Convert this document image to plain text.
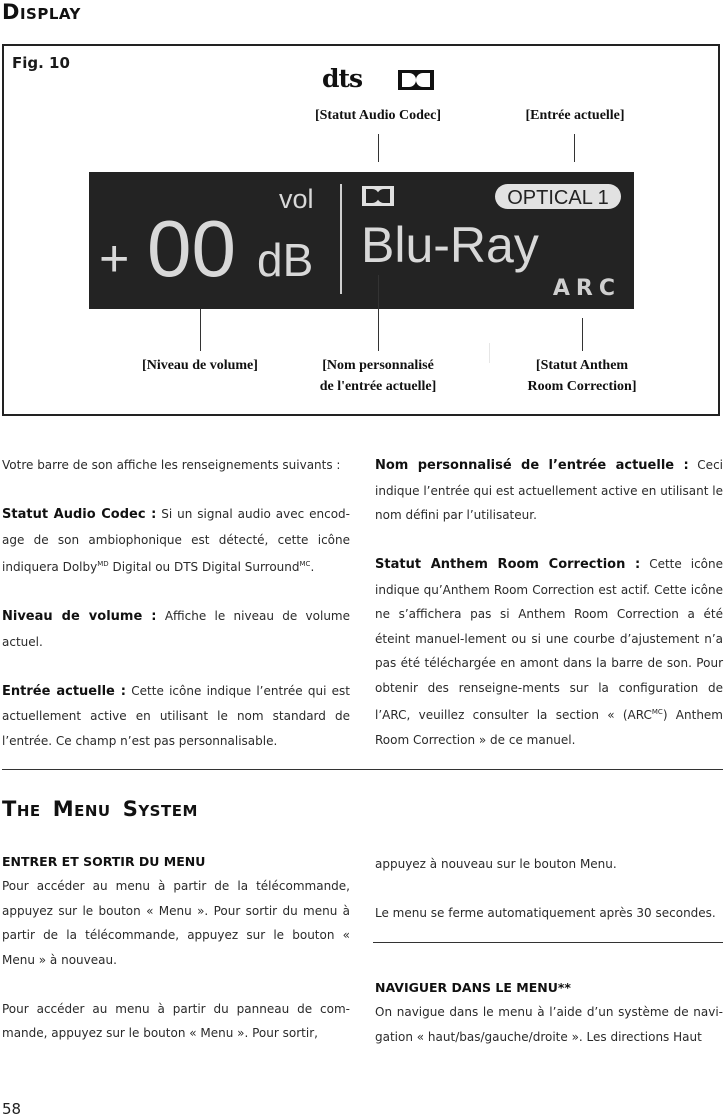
DISPLAY
Fig. 10
dts
[Statut Audio Codec]	[Entrée actuelle]
vol
+ 00 dB
OPTICAL 1
Blu-Ray
ARC
[Niveau de volume]	[Nom personnalisé
de l'entrée actuelle]
[Statut Anthem
Room Correction]

Votre barre de son affiche les renseignements suivants :

Statut Audio Codec : Si un signal audio avec encod-age de son ambiophonique est détecté, cette icône indiquera Dolby$^{MD}$ Digital ou DTS Digital Surround$^{MC}$.

Niveau de volume : Affiche le niveau de volume actuel.

Entrée actuelle : Cette icône indique l’entrée qui est actuellement active en utilisant le nom standard de l’entrée. Ce champ n’est pas personnalisable.

Nom personnalisé de l’entrée actuelle : Ceci indique l’entrée qui est actuellement active en utilisant le nom défini par l’utilisateur.

Statut Anthem Room Correction : Cette icône indique qu’Anthem Room Correction est actif. Cette icône ne s’affichera pas si Anthem Room Correction a été éteint manuel-lement ou si une courbe d’ajustement n’a pas été téléchargée en amont dans la barre de son. Pour obtenir des renseigne-ments sur la configuration de l’ARC, veuillez consulter la section « $(ARC^{MC})$ Anthem Room Correction » de ce manuel.

THE MENU SYSTEM
ENTRER ET SORTIR DU MENU

Pour accéder au menu à partir de la télécommande, appuyez sur le bouton « Menu ». Pour sortir du menu à partir de la télécommande, appuyez sur le bouton « Menu » à nouveau.

Pour accéder au menu à partir du panneau de com-mande, appuyez sur le bouton « Menu ». Pour sortir,

appuyez à nouveau sur le bouton Menu.

Le menu se ferme automatiquement après 30 secondes.

NAVIGUER DANS LE MENU**

On navigue dans le menu à l’aide d’un système de navi-gation « haut/bas/gauche/droite ». Les directions Haut

58
